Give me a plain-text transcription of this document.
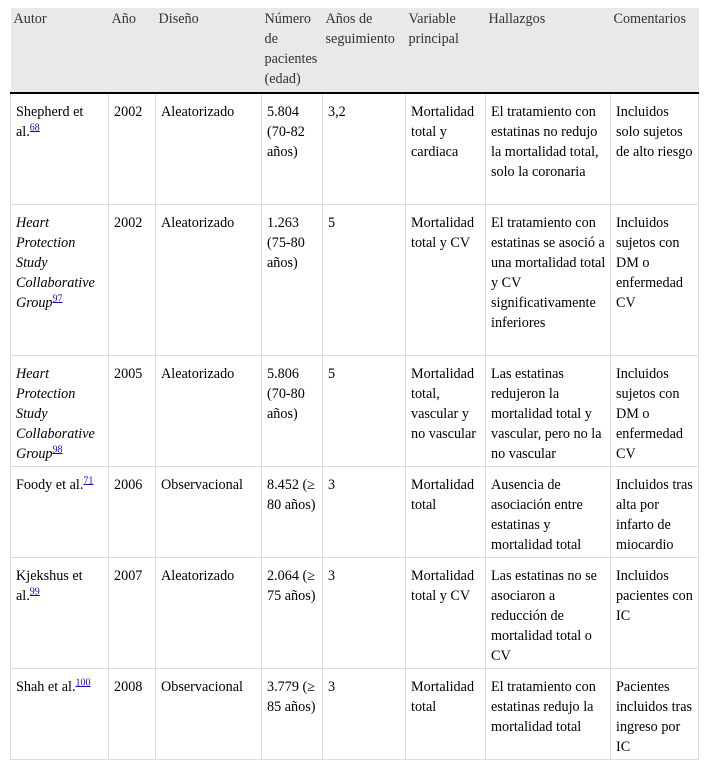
Autor	Año	Diseño	Número de pacientes (edad)	Años de seguimiento	Variable principal	Hallazgos	Comentarios
Shepherd et al.$^{68}$	2002	Aleatorizado	5.804 (70-82 años)	3,2	Mortalidad total y cardiaca	El tratamiento con estatinas no redujo la mortalidad total, solo la coronaria	Incluidos solo sujetos de alto riesgo
Heart Protection Study Collaborative Group$^{97}$	2002	Aleatorizado	1.263 (75-80 años)	5	Mortalidad total y CV	El tratamiento con estatinas se asoció a una mortalidad total y CV significativamente inferiores	Incluidos sujetos con DM o enfermedad CV
Heart Protection Study Collaborative Group$^{98}$	2005	Aleatorizado	5.806 (70-80 años)	5	Mortalidad total, vascular y no vascular	Las estatinas redujeron la mortalidad total y vascular, pero no la no vascular	Incluidos sujetos con DM o enfermedad CV
Foody et al.$^{71}$	2006	Observacional	8.452 (≥ 80 años)	3	Mortalidad total	Ausencia de asociación entre estatinas y mortalidad total	Incluidos tras alta por infarto de miocardio
Kjekshus et al.$^{99}$	2007	Aleatorizado	2.064 (≥ 75 años)	3	Mortalidad total y CV	Las estatinas no se asociaron a reducción de mortalidad total o CV	Incluidos pacientes con IC
Shah et al.$^{100}$	2008	Observacional	3.779 (≥ 85 años)	3	Mortalidad total	El tratamiento con estatinas redujo la mortalidad total	Pacientes incluidos tras ingreso por IC
